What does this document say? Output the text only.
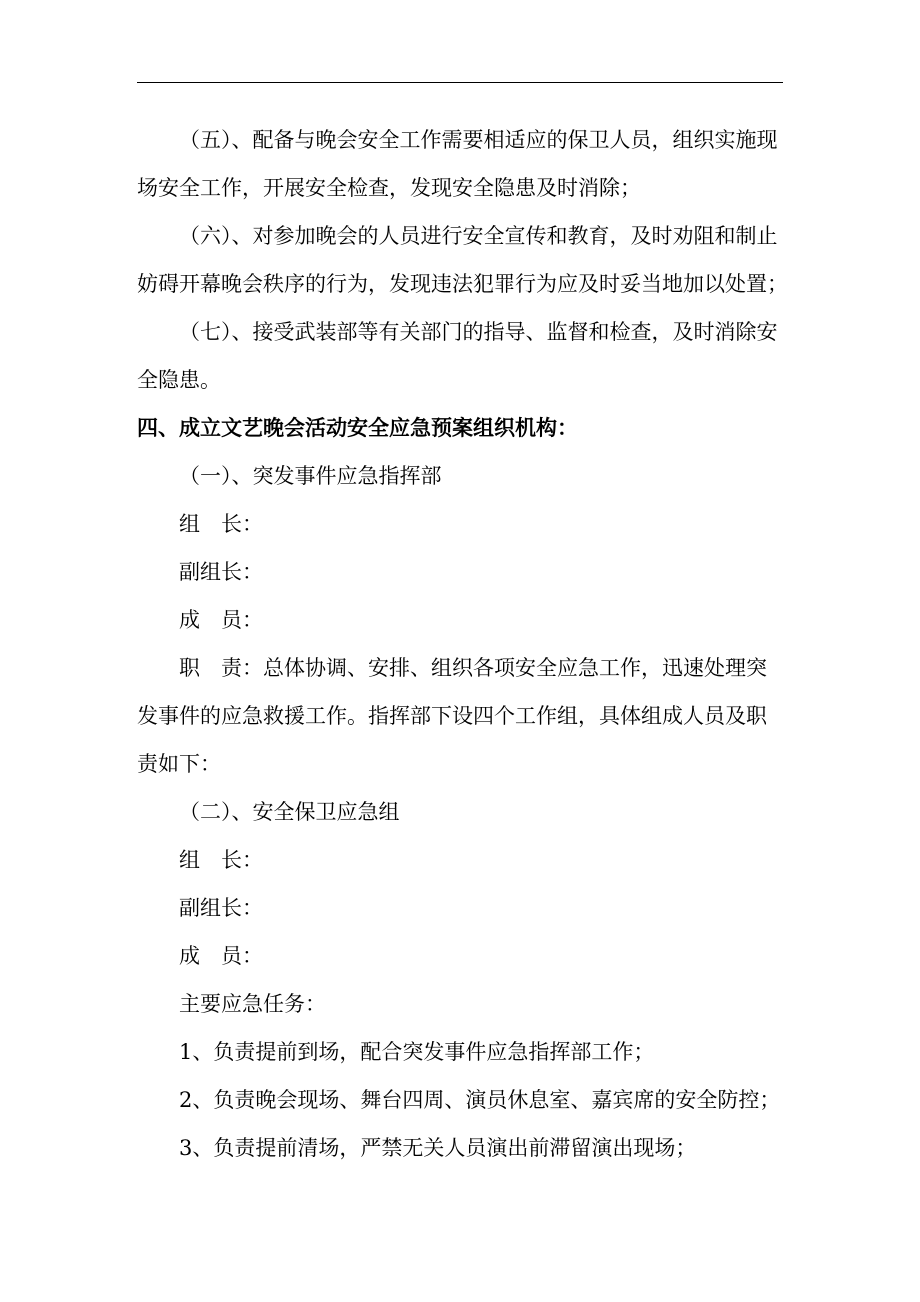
（五）、配备与晚会安全工作需要相适应的保卫人员，组织实施现
场安全工作，开展安全检查，发现安全隐患及时消除；
（六）、对参加晚会的人员进行安全宣传和教育，及时劝阻和制止
妨碍开幕晚会秩序的行为，发现违法犯罪行为应及时妥当地加以处置；
（七）、接受武装部等有关部门的指导、监督和检查，及时消除安
全隐患。
四、成立文艺晚会活动安全应急预案组织机构：
（一）、突发事件应急指挥部
组　长：
副组长：
成　员：
职　责：总体协调、安排、组织各项安全应急工作，迅速处理突
发事件的应急救援工作。指挥部下设四个工作组，具体组成人员及职
责如下：
（二）、安全保卫应急组
组　长：
副组长：
成　员：
主要应急任务：
1、负责提前到场，配合突发事件应急指挥部工作；
2、负责晚会现场、舞台四周、演员休息室、嘉宾席的安全防控；
3、负责提前清场，严禁无关人员演出前滞留演出现场；
